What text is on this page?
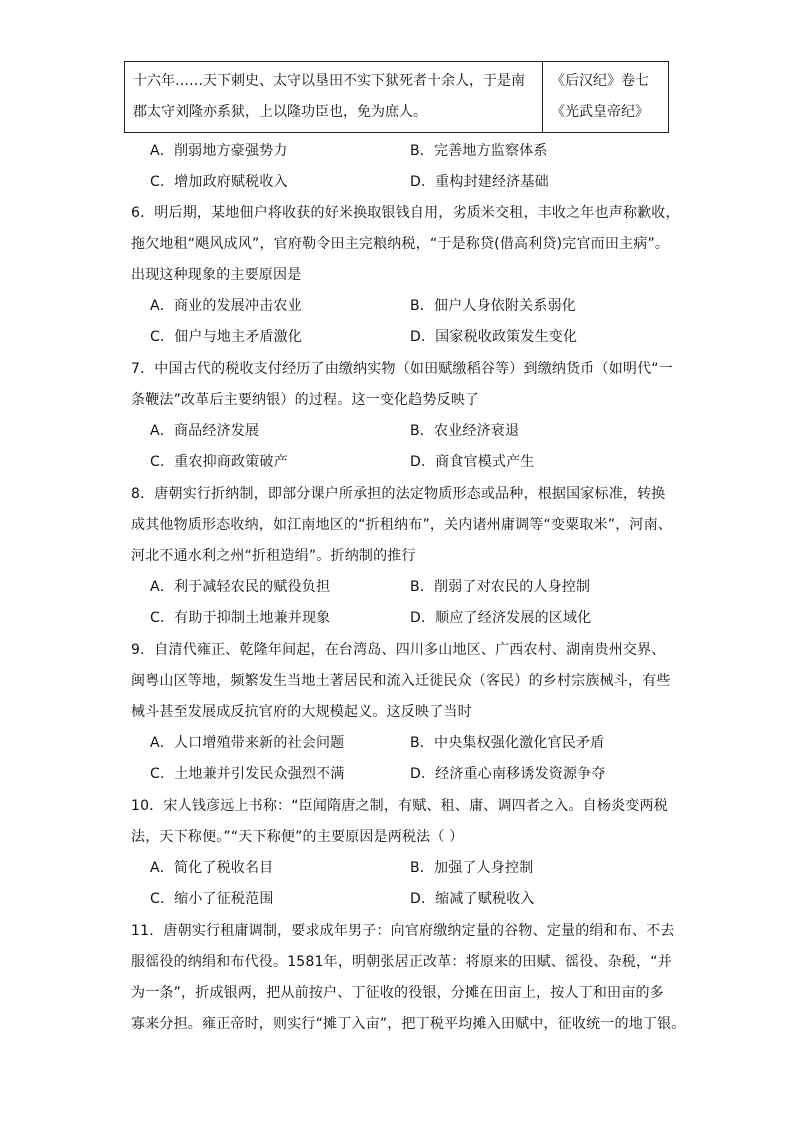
十六年……天下刺史、太守以垦田不实下狱死者十余人，于是南郡太守刘隆亦系狱，上以隆功臣也，免为庶人。	《后汉纪》卷七《光武皇帝纪》
A．削弱地方豪强势力	B．完善地方监察体系
C．增加政府赋税收入	D．重构封建经济基础
6．明后期，某地佃户将收获的好米换取银钱自用，劣质米交租，丰收之年也声称歉收，
拖欠地租“飓风成风”，官府勒令田主完粮纳税，“于是称贷(借高利贷)完官而田主病”。
出现这种现象的主要原因是
A．商业的发展冲击农业	B．佃户人身依附关系弱化
C．佃户与地主矛盾激化	D．国家税收政策发生变化
7．中国古代的税收支付经历了由缴纳实物（如田赋缴稻谷等）到缴纳货币（如明代“一
条鞭法”改革后主要纳银）的过程。这一变化趋势反映了
A．商品经济发展	B．农业经济衰退
C．重农抑商政策破产	D．商食官模式产生
8．唐朝实行折纳制，即部分课户所承担的法定物质形态或品种，根据国家标准，转换
成其他物质形态收纳，如江南地区的“折租纳布”，关内诸州庸调等“变粟取米”，河南、
河北不通水利之州“折租造绢”。折纳制的推行
A．利于减轻农民的赋役负担	B．削弱了对农民的人身控制
C．有助于抑制土地兼并现象	D．顺应了经济发展的区域化
9．自清代雍正、乾隆年间起，在台湾岛、四川多山地区、广西农村、湖南贵州交界、
闽粤山区等地，频繁发生当地土著居民和流入迁徙民众（客民）的乡村宗族械斗，有些
械斗甚至发展成反抗官府的大规模起义。这反映了当时
A．人口增殖带来新的社会问题	B．中央集权强化激化官民矛盾
C．土地兼并引发民众强烈不满	D．经济重心南移诱发资源争夺
10．宋人钱彦远上书称：“臣闻隋唐之制，有赋、租、庸、调四者之入。自杨炎变两税
法，天下称便。”“天下称便”的主要原因是两税法（ ）
A．简化了税收名目	B．加强了人身控制
C．缩小了征税范围	D．缩减了赋税收入
11．唐朝实行租庸调制，要求成年男子：向官府缴纳定量的谷物、定量的绢和布、不去
服徭役的纳绢和布代役。1581年，明朝张居正改革：将原来的田赋、徭役、杂税，“并
为一条”，折成银两，把从前按户、丁征收的役银，分摊在田亩上，按人丁和田亩的多
寡来分担。雍正帝时，则实行“摊丁入亩”，把丁税平均摊入田赋中，征收统一的地丁银。
